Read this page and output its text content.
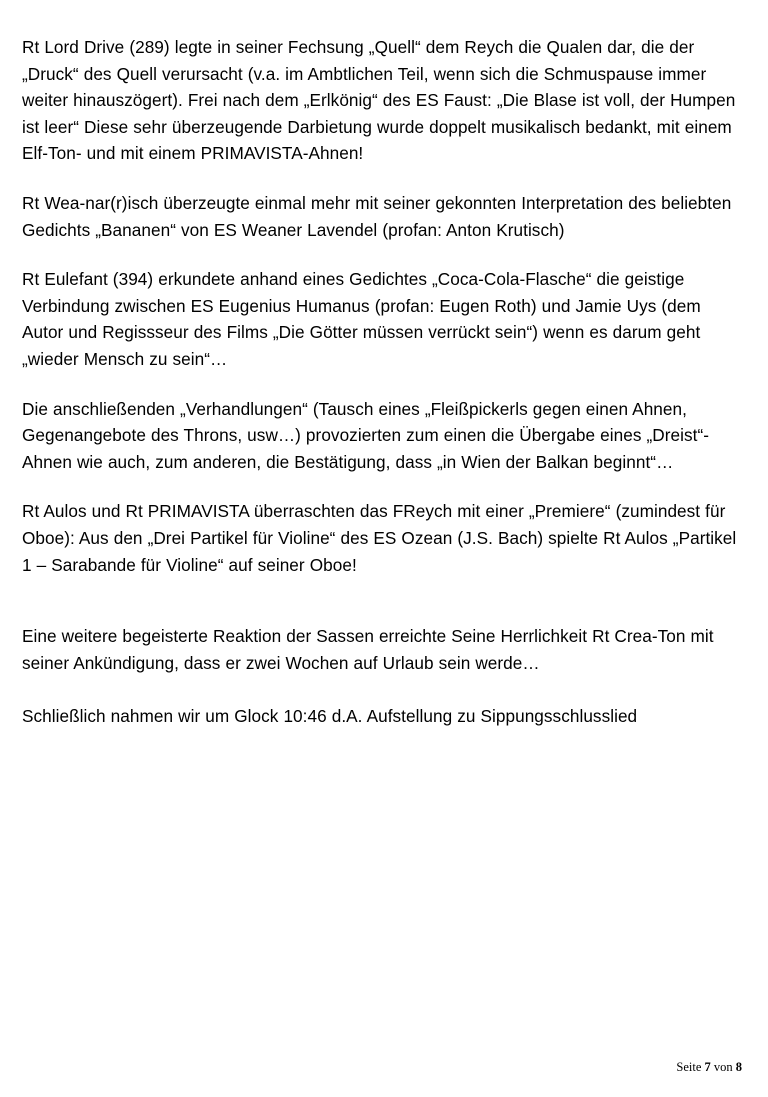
Rt Lord Drive (289) legte in seiner Fechsung „Quell“ dem Reych die Qualen dar, die der „Druck“ des Quell verursacht (v.a. im Ambtlichen Teil, wenn sich die Schmuspause immer weiter hinauszögert). Frei nach dem „Erlkönig“ des ES Faust: „Die Blase ist voll, der Humpen ist leer“ Diese sehr überzeugende Darbietung wurde doppelt musikalisch bedankt, mit einem Elf-Ton- und mit einem PRIMAVISTA-Ahnen!

Rt Wea-nar(r)isch überzeugte einmal mehr mit seiner gekonnten Interpretation des beliebten Gedichts „Bananen“ von ES Weaner Lavendel (profan: Anton Krutisch)

Rt Eulefant (394) erkundete anhand eines Gedichtes „Coca-Cola-Flasche“ die geistige Verbindung zwischen ES Eugenius Humanus (profan: Eugen Roth) und Jamie Uys (dem Autor und Regissseur des Films „Die Götter müssen verrückt sein“) wenn es darum geht „wieder Mensch zu sein“…

Die anschließenden „Verhandlungen“ (Tausch eines „Fleißpickerls gegen einen Ahnen, Gegenangebote des Throns, usw…) provozierten zum einen die Übergabe eines „Dreist“-Ahnen wie auch, zum anderen, die Bestätigung, dass „in Wien der Balkan beginnt“…

Rt Aulos und Rt PRIMAVISTA überraschten das FReych mit einer „Premiere“ (zumindest für Oboe): Aus den „Drei Partikel für Violine“ des ES Ozean (J.S. Bach) spielte Rt Aulos „Partikel 1 – Sarabande für Violine“ auf seiner Oboe!

Eine weitere begeisterte Reaktion der Sassen erreichte Seine Herrlichkeit Rt Crea-Ton mit seiner Ankündigung, dass er zwei Wochen auf Urlaub sein werde…

Schließlich nahmen wir um Glock 10:46 d.A. Aufstellung zu Sippungsschlusslied

Seite 7 von 8
